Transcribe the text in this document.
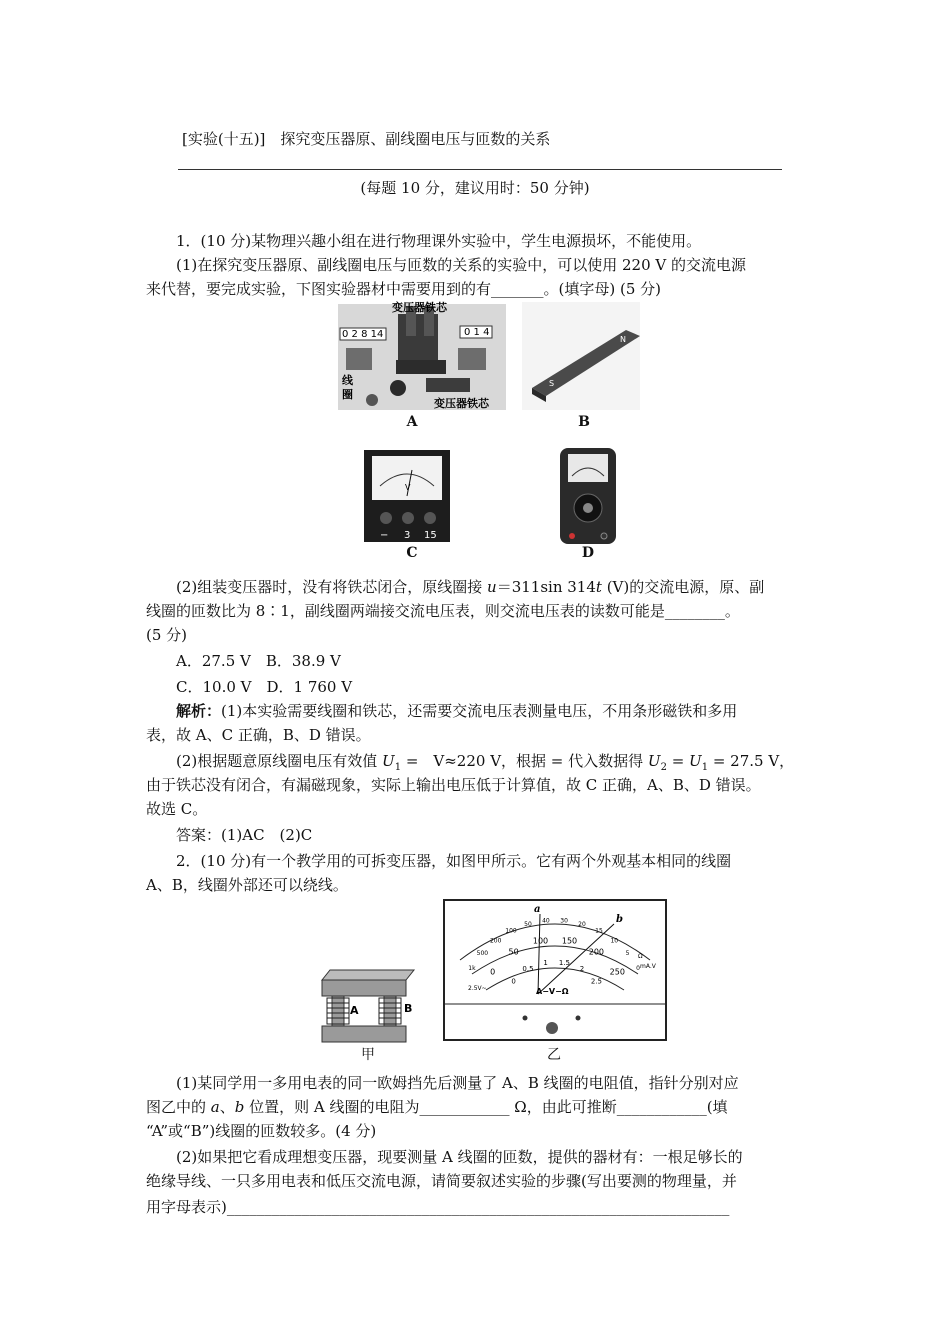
[实验(十五)]　探究变压器原、副线圈电压与匝数的关系
(每题 10 分，建议用时：50 分钟)
1．(10 分)某物理兴趣小组在进行物理课外实验中，学生电源损坏，不能使用。
(1)在探究变压器原、副线圈电压与匝数的关系的实验中，可以使用 220 V 的交流电源
来代替，要完成实验，下图实验器材中需要用到的有_______。(填字母) (5 分)
0 2 8 14	0 1 4
变压器铁芯
变压器铁芯
线
圈
S
N
V
− 3 15
A	B
C	D
(2)组装变压器时，没有将铁芯闭合，原线圈接 u＝311sin 314t (V)的交流电源，原、副
线圈的匝数比为 8∶1，副线圈两端接交流电压表，则交流电压表的读数可能是________。
(5 分)
A．27.5 V　B．38.9 V
C．10.0 V　D．1 760 V
解析：(1)本实验需要线圈和铁芯，还需要交流电压表测量电压，不用条形磁铁和多用
表，故 A、C 正确，B、D 错误。
(2)根据题意原线圈电压有效值 $U_1$ =　V≈220 V，根据 = 代入数据得 $U_2 = U_1 = 27.5$ V，
由于铁芯没有闭合，有漏磁现象，实际上输出电压低于计算值，故 C 正确，A、B、D 错误。
故选 C。
答案：(1)AC　(2)C
2．(10 分)有一个教学用的可拆变压器，如图甲所示。它有两个外观基本相同的线圈
A、B，线圈外部还可以绕线。
A	B
a
b
A−V−Ω
2.5V~
Ω
mA.V
1k
500
200
100
50 40 30 20
15
10
5
0
0
50
100 150
200
250
0
0.5
1 1.5
2
2.5
甲	乙
(1)某同学用一多用电表的同一欧姆挡先后测量了 A、B 线圈的电阻值，指针分别对应
图乙中的 a、b 位置，则 A 线圈的电阻为____________ Ω，由此可推断____________(填
“A”或“B”)线圈的匝数较多。(4 分)
(2)如果把它看成理想变压器，现要测量 A 线圈的匝数，提供的器材有：一根足够长的
绝缘导线、一只多用电表和低压交流电源，请简要叙述实验的步骤(写出要测的物理量，并
用字母表示)___________________________________________________________________
